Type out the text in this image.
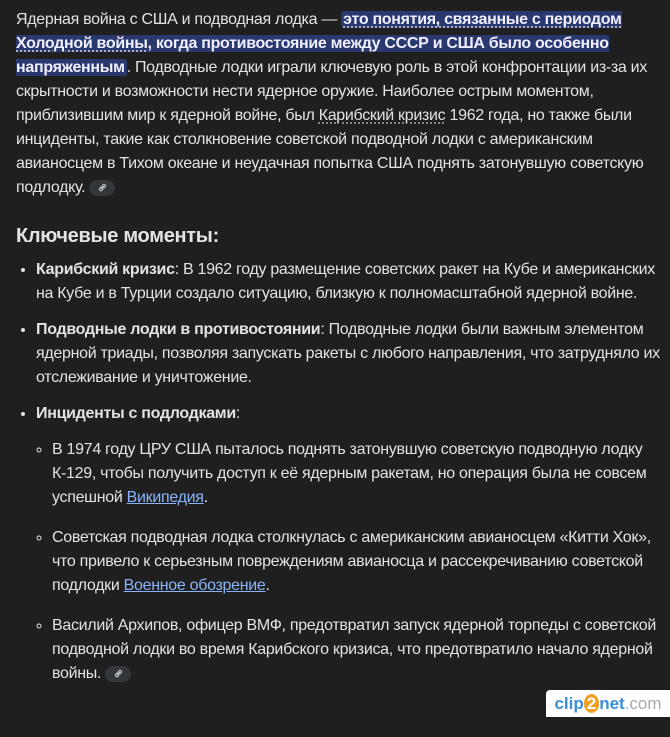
Ядерная война с США и подводная лодка — это понятия, связанные с периодом Холодной войны, когда противостояние между СССР и США было особенно напряженным . Подводные лодки играли ключевую роль в этой конфронтации из-за их скрытности и возможности нести ядерное оружие. Наиболее острым моментом, приблизившим мир к ядерной войне, был Карибский кризис 1962 года, но также были инциденты, такие как столкновение советской подводной лодки с американским авианосцем в Тихом океане и неудачная попытка США поднять затонувшую советскую подлодку.

Ключевые моменты:
• Карибский кризис: В 1962 году размещение советских ракет на Кубе и американских на Кубе и в Турции создало ситуацию, близкую к полномасштабной ядерной войне.
• Подводные лодки в противостоянии: Подводные лодки были важным элементом ядерной триады, позволяя запускать ракеты с любого направления, что затрудняло их отслеживание и уничтожение.
• Инциденты с подлодками:
◦ В 1974 году ЦРУ США пыталось поднять затонувшую советскую подводную лодку К-129, чтобы получить доступ к её ядерным ракетам, но операция была не совсем успешной Википедия.
◦ Советская подводная лодка столкнулась с американским авианосцем «Китти Хок», что привело к серьезным повреждениям авианосца и рассекречиванию советской подлодки Военное обозрение.
◦ Василий Архипов, офицер ВМФ, предотвратил запуск ядерной торпеды с советской подводной лодки во время Карибского кризиса, что предотвратило начало ядерной войны.
clip 2 net.com
